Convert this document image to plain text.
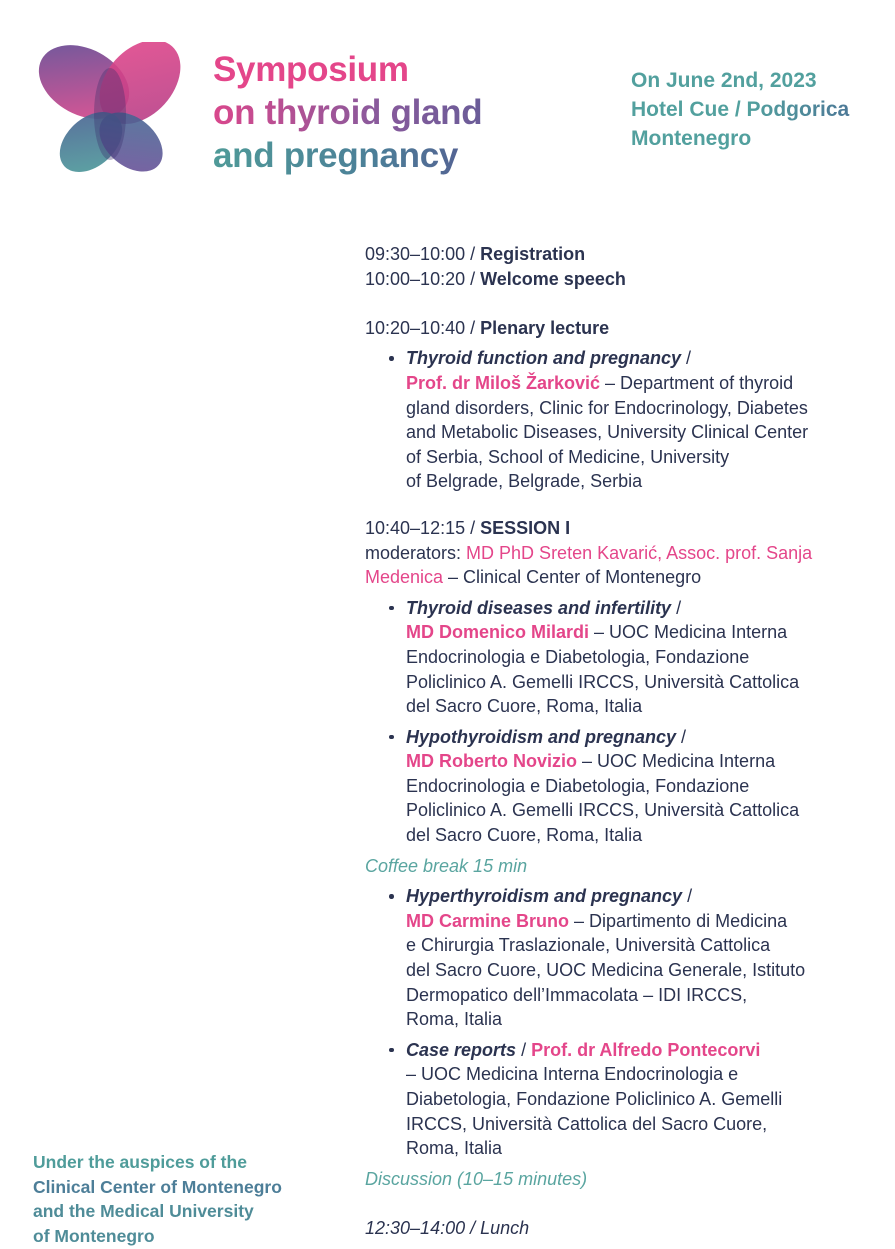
Symposium
on thyroid gland
and pregnancy
On June 2nd, 2023
Hotel Cue / Podgorica
Montenegro
Under the auspices of the
Clinical Center of Montenegro
and the Medical University
of Montenegro
09:30–10:00 / Registration
10:00–10:20 / Welcome speech
10:20–10:40 / Plenary lecture
Thyroid function and pregnancy /
Prof. dr Miloš Žarković – Department of thyroid
gland disorders, Clinic for Endocrinology, Diabetes
and Metabolic Diseases, University Clinical Center
of Serbia, School of Medicine, University
of Belgrade, Belgrade, Serbia
10:40–12:15 / SESSION I
moderators: MD PhD Sreten Kavarić, Assoc. prof. Sanja
Medenica – Clinical Center of Montenegro
Thyroid diseases and infertility /
MD Domenico Milardi – UOC Medicina Interna
Endocrinologia e Diabetologia, Fondazione
Policlinico A. Gemelli IRCCS, Università Cattolica
del Sacro Cuore, Roma, Italia
Hypothyroidism and pregnancy /
MD Roberto Novizio – UOC Medicina Interna
Endocrinologia e Diabetologia, Fondazione
Policlinico A. Gemelli IRCCS, Università Cattolica
del Sacro Cuore, Roma, Italia
Coffee break 15 min
Hyperthyroidism and pregnancy /
MD Carmine Bruno – Dipartimento di Medicina
e Chirurgia Traslazionale, Università Cattolica
del Sacro Cuore, UOC Medicina Generale, Istituto
Dermopatico dell’Immacolata – IDI IRCCS,
Roma, Italia
Case reports / Prof. dr Alfredo Pontecorvi
– UOC Medicina Interna Endocrinologia e
Diabetologia, Fondazione Policlinico A. Gemelli
IRCCS, Università Cattolica del Sacro Cuore,
Roma, Italia
Discussion (10–15 minutes)
12:30–14:00 / Lunch
